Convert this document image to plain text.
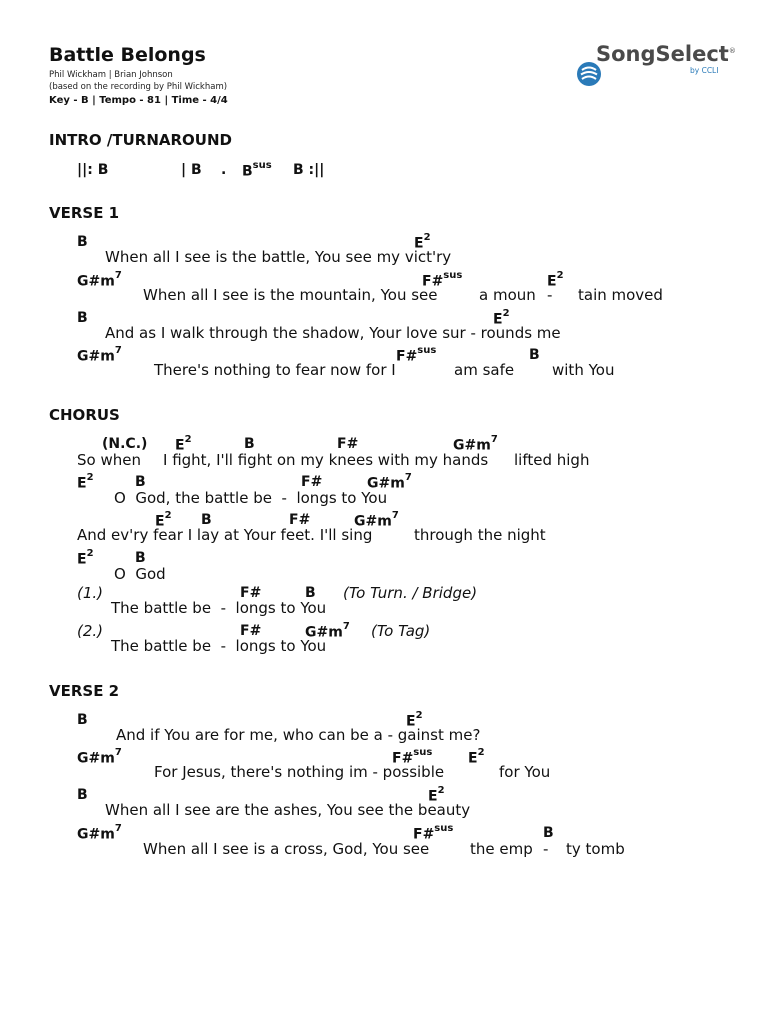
Battle Belongs
Phil Wickham | Brian Johnson
(based on the recording by Phil Wickham)
Key - B | Tempo - 81 | Time - 4/4

SongSelect®
by CCLI
INTRO /TURNAROUND
||: B	| B . $B^{sus}$ B :||
VERSE 1
B	$E^2$
When all I see is the battle, You see my vict'ry
$G\#m^7$	F#$^{sus}$	$E^2$
When all I see is the mountain, You see	a moun - tain moved
B	$E^2$
And as I walk through the shadow, Your love sur - rounds me
$G\#m^7$	F#$^{sus}$	B
There's nothing to fear now for I	am safe	with You
CHORUS
(N.C.) $E^2$	B	F#	$G\#m^7$
So when I fight, I'll fight on my knees with my hands lifted high
$E^2$	B	F#	$G\#m^7$
O  God, the battle be  -  longs to You
$E^2$ B	F#	$G\#m^7$
And ev'ry fear I lay at Your feet. I'll sing	through the night
$E^2$	B
O  God
(1.)	F#	B (To Turn. / Bridge)
The battle be  -  longs to You
(2.)	F#	$G\#m^7$ (To Tag)
The battle be  -  longs to You
VERSE 2
B	$E^2$
And if You are for me, who can be a - gainst me?
$G\#m^7$	F#$^{sus}$	$E^2$
For Jesus, there's nothing im - possible	for You
B	$E^2$
When all I see are the ashes, You see the beauty
$G\#m^7$	F#$^{sus}$	B
When all I see is a cross, God, You see	the emp - ty tomb
